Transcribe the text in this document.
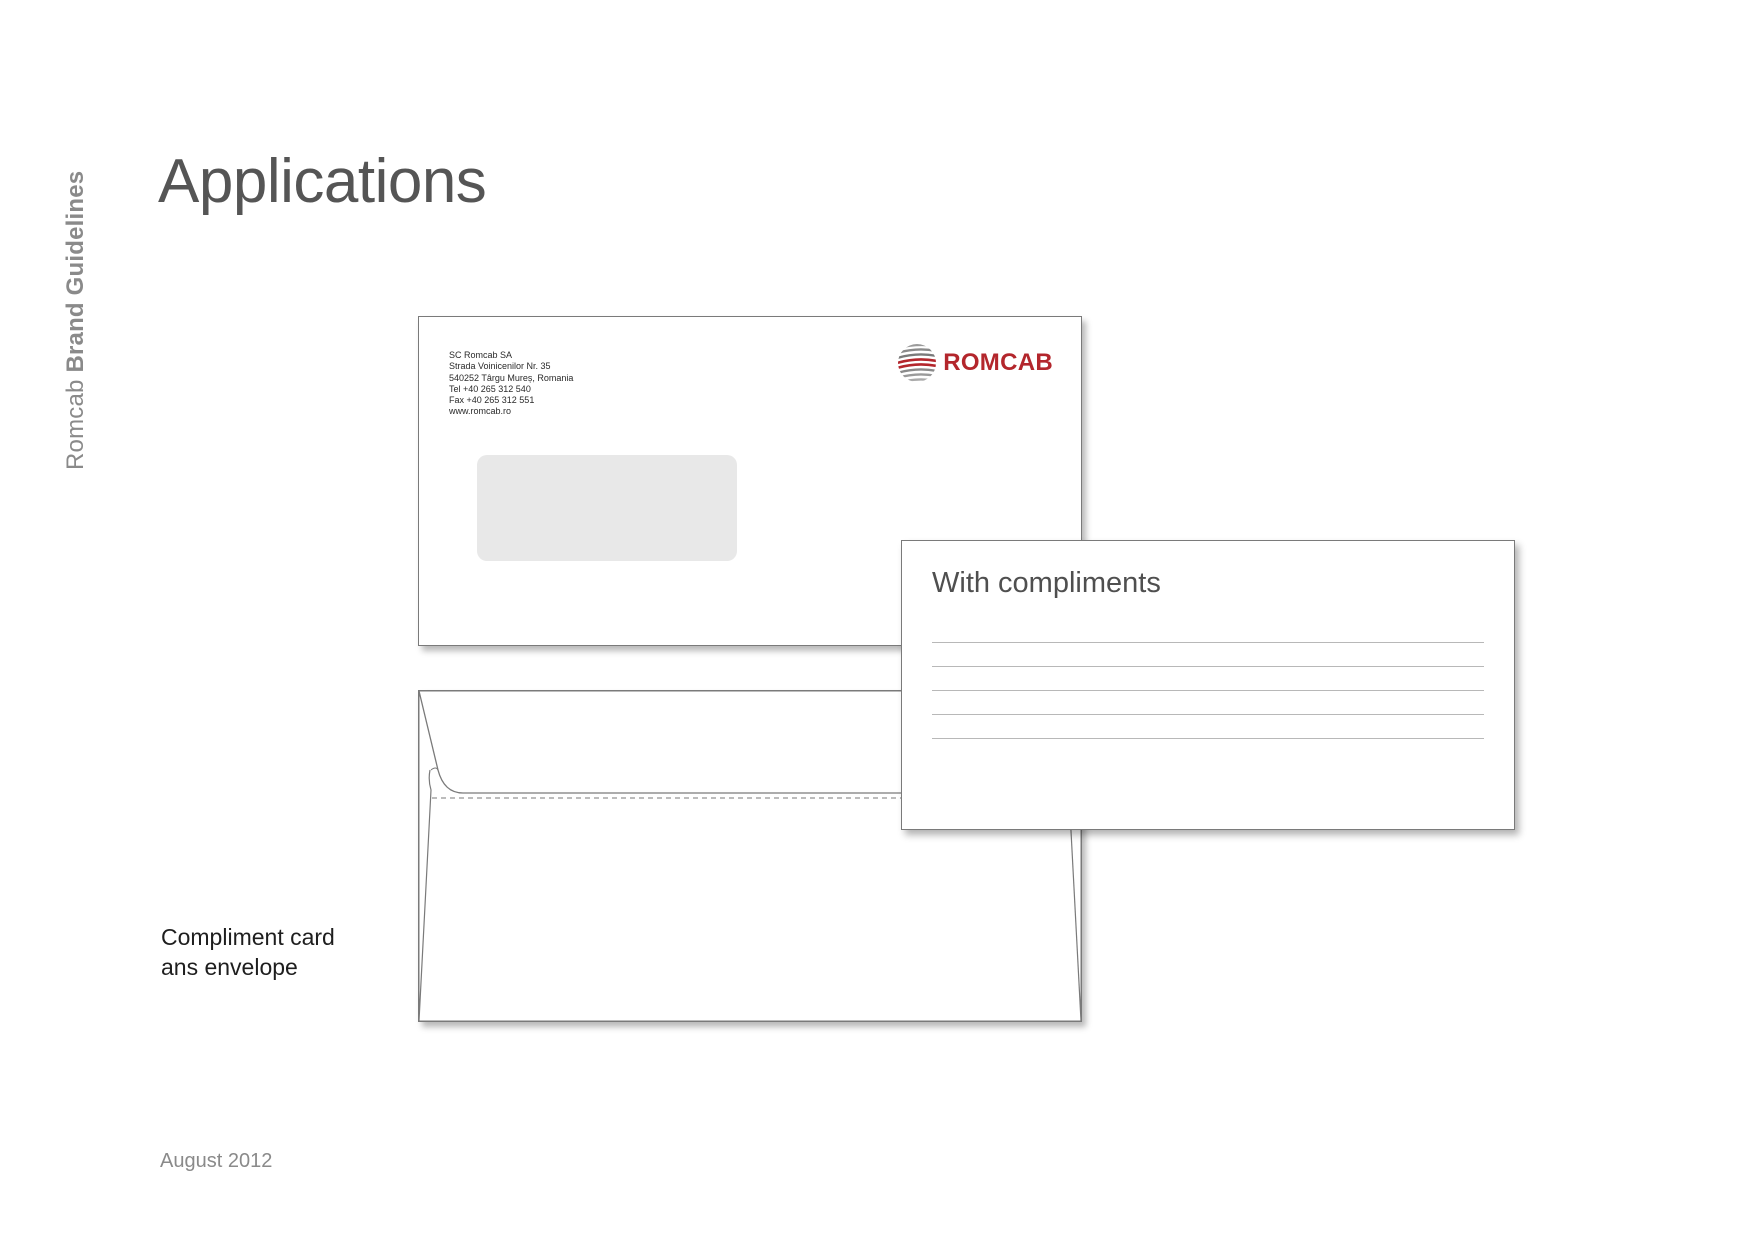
Romcab Brand Guidelines Applications
SC Romcab SA
Strada Voinicenilor Nr. 35
540252 Târgu Mureș, Romania
Tel +40 265 312 540
Fax +40 265 312 551
www.romcab.ro
ROMCAB
With compliments
Compliment card
ans envelope
August 2012
